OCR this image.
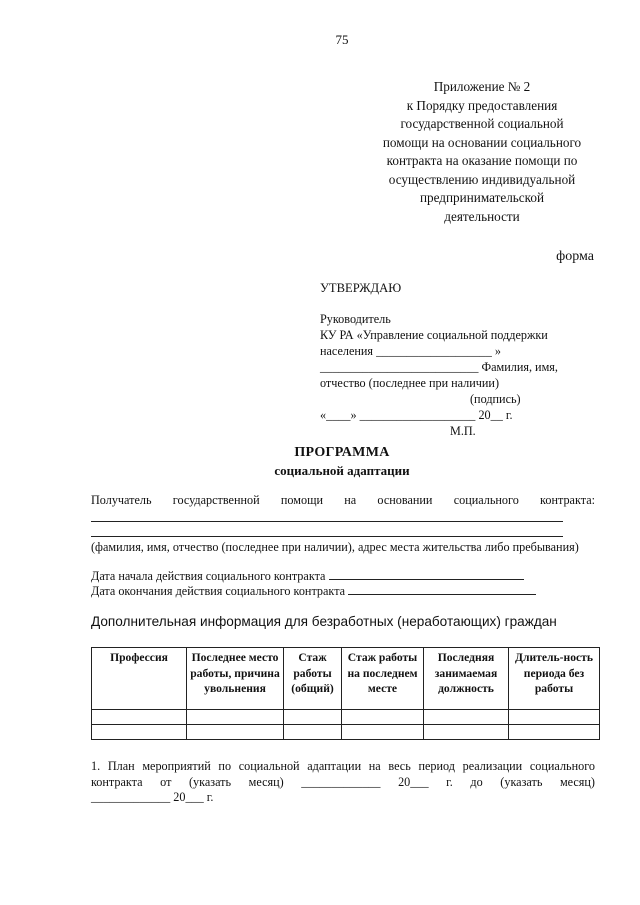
75
Приложение № 2
к Порядку предоставления
государственной социальной
помощи на основании социального
контракта на оказание помощи по
осуществлению индивидуальной
предпринимательской
деятельности
форма
УТВЕРЖДАЮ
Руководитель
КУ РА «Управление социальной поддержки
населения ___________________ »
__________________________ Фамилия, имя,
отчество (последнее при наличии)
(подпись)
«____» ___________________ 20__ г.
М.П.
ПРОГРАММА
социальной адаптации
Получатель государственной помощи на основании социального контракта:
(фамилия, имя, отчество (последнее при наличии), адрес места жительства либо пребывания)
Дата начала действия социального контракта
Дата окончания действия социального контракта
Дополнительная информация для безработных (неработающих) граждан
Профессия	Последнее место работы, причина увольнения	Стаж работы (общий)	Стаж работы на последнем месте	Последняя занимаемая должность	Длитель-ность периода без работы

1. План мероприятий по социальной адаптации на весь период реализации социального контракта от (указать месяц) _____________ 20___ г. до (указать месяц)
_____________ 20___ г.
